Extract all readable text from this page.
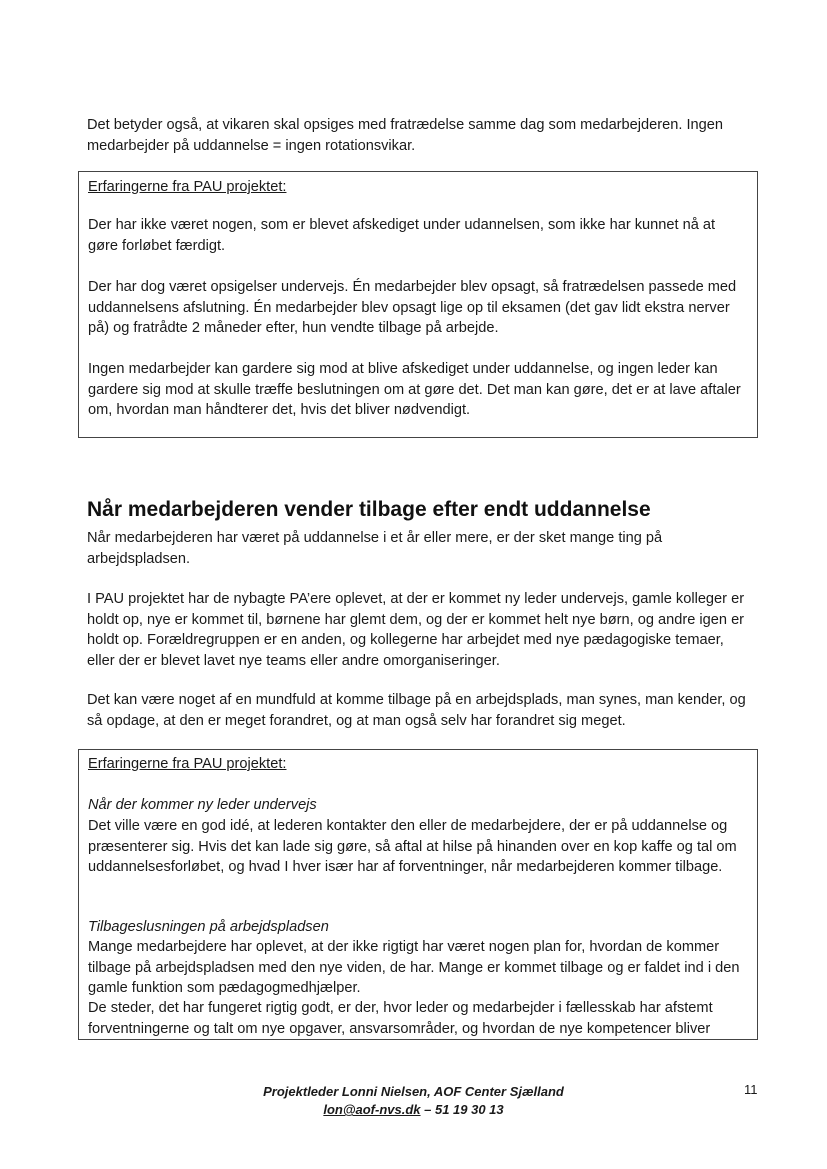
Det betyder også, at vikaren skal opsiges med fratrædelse samme dag som medarbejderen. Ingen
medarbejder på uddannelse = ingen rotationsvikar.

Erfaringerne fra PAU projektet:

Der har ikke været nogen, som er blevet afskediget under udannelsen, som ikke har kunnet nå at gøre forløbet færdigt.

Der har dog været opsigelser undervejs. Én medarbejder blev opsagt, så fratrædelsen passede med uddannelsens afslutning. Én medarbejder blev opsagt lige op til eksamen (det gav lidt ekstra nerver på) og fratrådte 2 måneder efter, hun vendte tilbage på arbejde.

Ingen medarbejder kan gardere sig mod at blive afskediget under uddannelse, og ingen leder kan gardere sig mod at skulle træffe beslutningen om at gøre det. Det man kan gøre, det er at lave aftaler om, hvordan man håndterer det, hvis det bliver nødvendigt.

Når medarbejderen vender tilbage efter endt uddannelse

Når medarbejderen har været på uddannelse i et år eller mere, er der sket mange ting på arbejdspladsen.

I PAU projektet har de nybagte PA’ere oplevet, at der er kommet ny leder undervejs, gamle kolleger er holdt op, nye er kommet til, børnene har glemt dem, og der er kommet helt nye børn, og andre igen er holdt op. Forældregruppen er en anden, og kollegerne har arbejdet med nye pædagogiske temaer, eller der er blevet lavet nye teams eller andre omorganiseringer.

Det kan være noget af en mundfuld at komme tilbage på en arbejdsplads, man synes, man kender, og så opdage, at den er meget forandret, og at man også selv har forandret sig meget.

Erfaringerne fra PAU projektet:

Når der kommer ny leder undervejs

Det ville være en god idé, at lederen kontakter den eller de medarbejdere, der er på uddannelse og præsenterer sig. Hvis det kan lade sig gøre, så aftal at hilse på hinanden over en kop kaffe og tal om uddannelsesforløbet, og hvad I hver især har af forventninger, når medarbejderen kommer tilbage.

Tilbageslusningen på arbejdspladsen

Mange medarbejdere har oplevet, at der ikke rigtigt har været nogen plan for, hvordan de kommer tilbage på arbejdspladsen med den nye viden, de har. Mange er kommet tilbage og er faldet ind i den gamle funktion som pædagogmedhjælper.

De steder, det har fungeret rigtig godt, er der, hvor leder og medarbejder i fællesskab har afstemt forventningerne og talt om nye opgaver, ansvarsområder, og hvordan de nye kompetencer bliver

Projektleder Lonni Nielsen, AOF Center Sjælland
lon@aof-nvs.dk – 51 19 30 13
11
